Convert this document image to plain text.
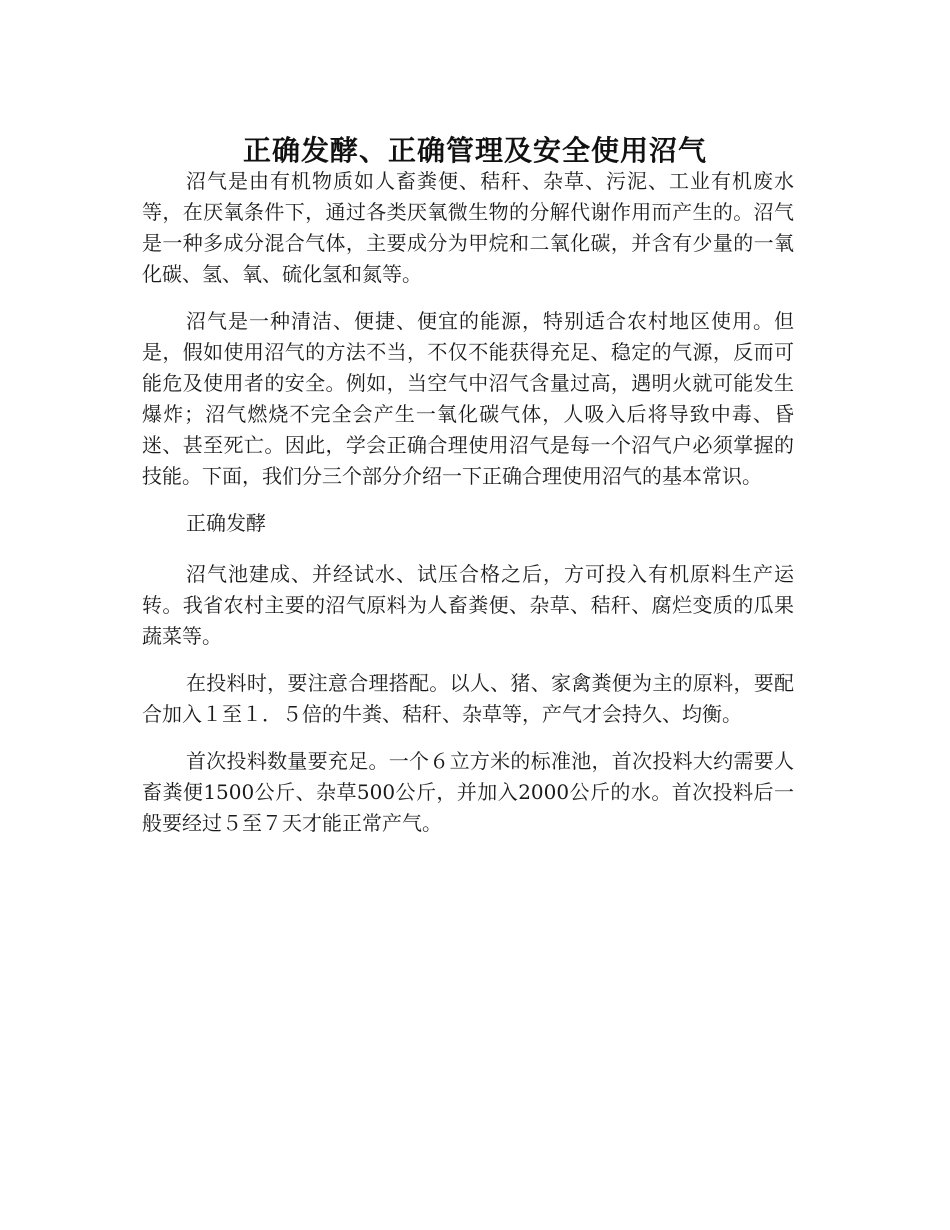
正确发酵、正确管理及安全使用沼气

沼气是由有机物质如人畜粪便、秸秆、杂草、污泥、工业有机废水等，在厌氧条件下，通过各类厌氧微生物的分解代谢作用而产生的。沼气是一种多成分混合气体，主要成分为甲烷和二氧化碳，并含有少量的一氧化碳、氢、氧、硫化氢和氮等。

沼气是一种清洁、便捷、便宜的能源，特别适合农村地区使用。但是，假如使用沼气的方法不当，不仅不能获得充足、稳定的气源，反而可能危及使用者的安全。例如，当空气中沼气含量过高，遇明火就可能发生爆炸；沼气燃烧不完全会产生一氧化碳气体，人吸入后将导致中毒、昏迷、甚至死亡。因此，学会正确合理使用沼气是每一个沼气户必须掌握的技能。下面，我们分三个部分介绍一下正确合理使用沼气的基本常识。

正确发酵

沼气池建成、并经试水、试压合格之后，方可投入有机原料生产运转。我省农村主要的沼气原料为人畜粪便、杂草、秸秆、腐烂变质的瓜果蔬菜等。

在投料时，要注意合理搭配。以人、猪、家禽粪便为主的原料，要配合加入１至１．５倍的牛粪、秸秆、杂草等，产气才会持久、均衡。

首次投料数量要充足。一个６立方米的标准池，首次投料大约需要人畜粪便1500公斤、杂草500公斤，并加入2000公斤的水。首次投料后一般要经过５至７天才能正常产气。
